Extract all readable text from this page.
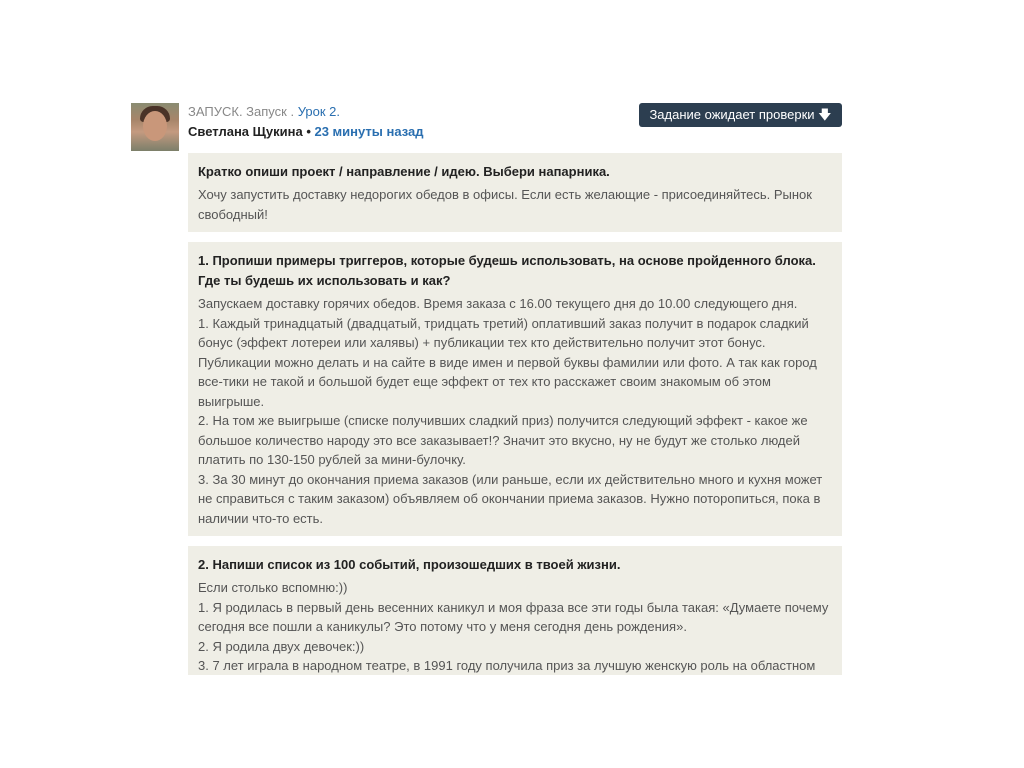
ЗАПУСК. Запуск . Урок 2.
Светлана Щукина • 23 минуты назад
Задание ожидает проверки 🡇
Кратко опиши проект / направление / идею. Выбери напарника.
Хочу запустить доставку недорогих обедов в офисы. Если есть желающие - присоединяйтесь. Рынок свободный!
1. Пропиши примеры триггеров, которые будешь использовать, на основе пройденного блока. Где ты будешь их использовать и как?
Запускаем доставку горячих обедов. Время заказа с 16.00 текущего дня до 10.00 следующего дня.
1. Каждый тринадцатый (двадцатый, тридцать третий) оплативший заказ получит в подарок сладкий бонус (эффект лотереи или халявы) + публикации тех кто действительно получит этот бонус. Публикации можно делать и на сайте в виде имен и первой буквы фамилии или фото. А так как город все-тики не такой и большой будет еще эффект от тех кто расскажет своим знакомым об этом выигрыше.
2. На том же выигрыше (списке получивших сладкий приз) получится следующий эффект - какое же большое количество народу это все заказывает!? Значит это вкусно, ну не будут же столько людей платить по 130-150 рублей за мини-булочку.
3. За 30 минут до окончания приема заказов (или раньше, если их действительно много и кухня может не справиться с таким заказом) объявляем об окончании приема заказов. Нужно поторопиться, пока в наличии что-то есть.
2. Напиши список из 100 событий, произошедших в твоей жизни.
Если столько вспомню:))
1. Я родилась в первый день весенних каникул и моя фраза все эти годы была такая: «Думаете почему сегодня все пошли а каникулы? Это потому что у меня сегодня день рождения».
2. Я родила двух девочек:))
3. 7 лет играла в народном театре, в 1991 году получила приз за лучшую женскую роль на областном
